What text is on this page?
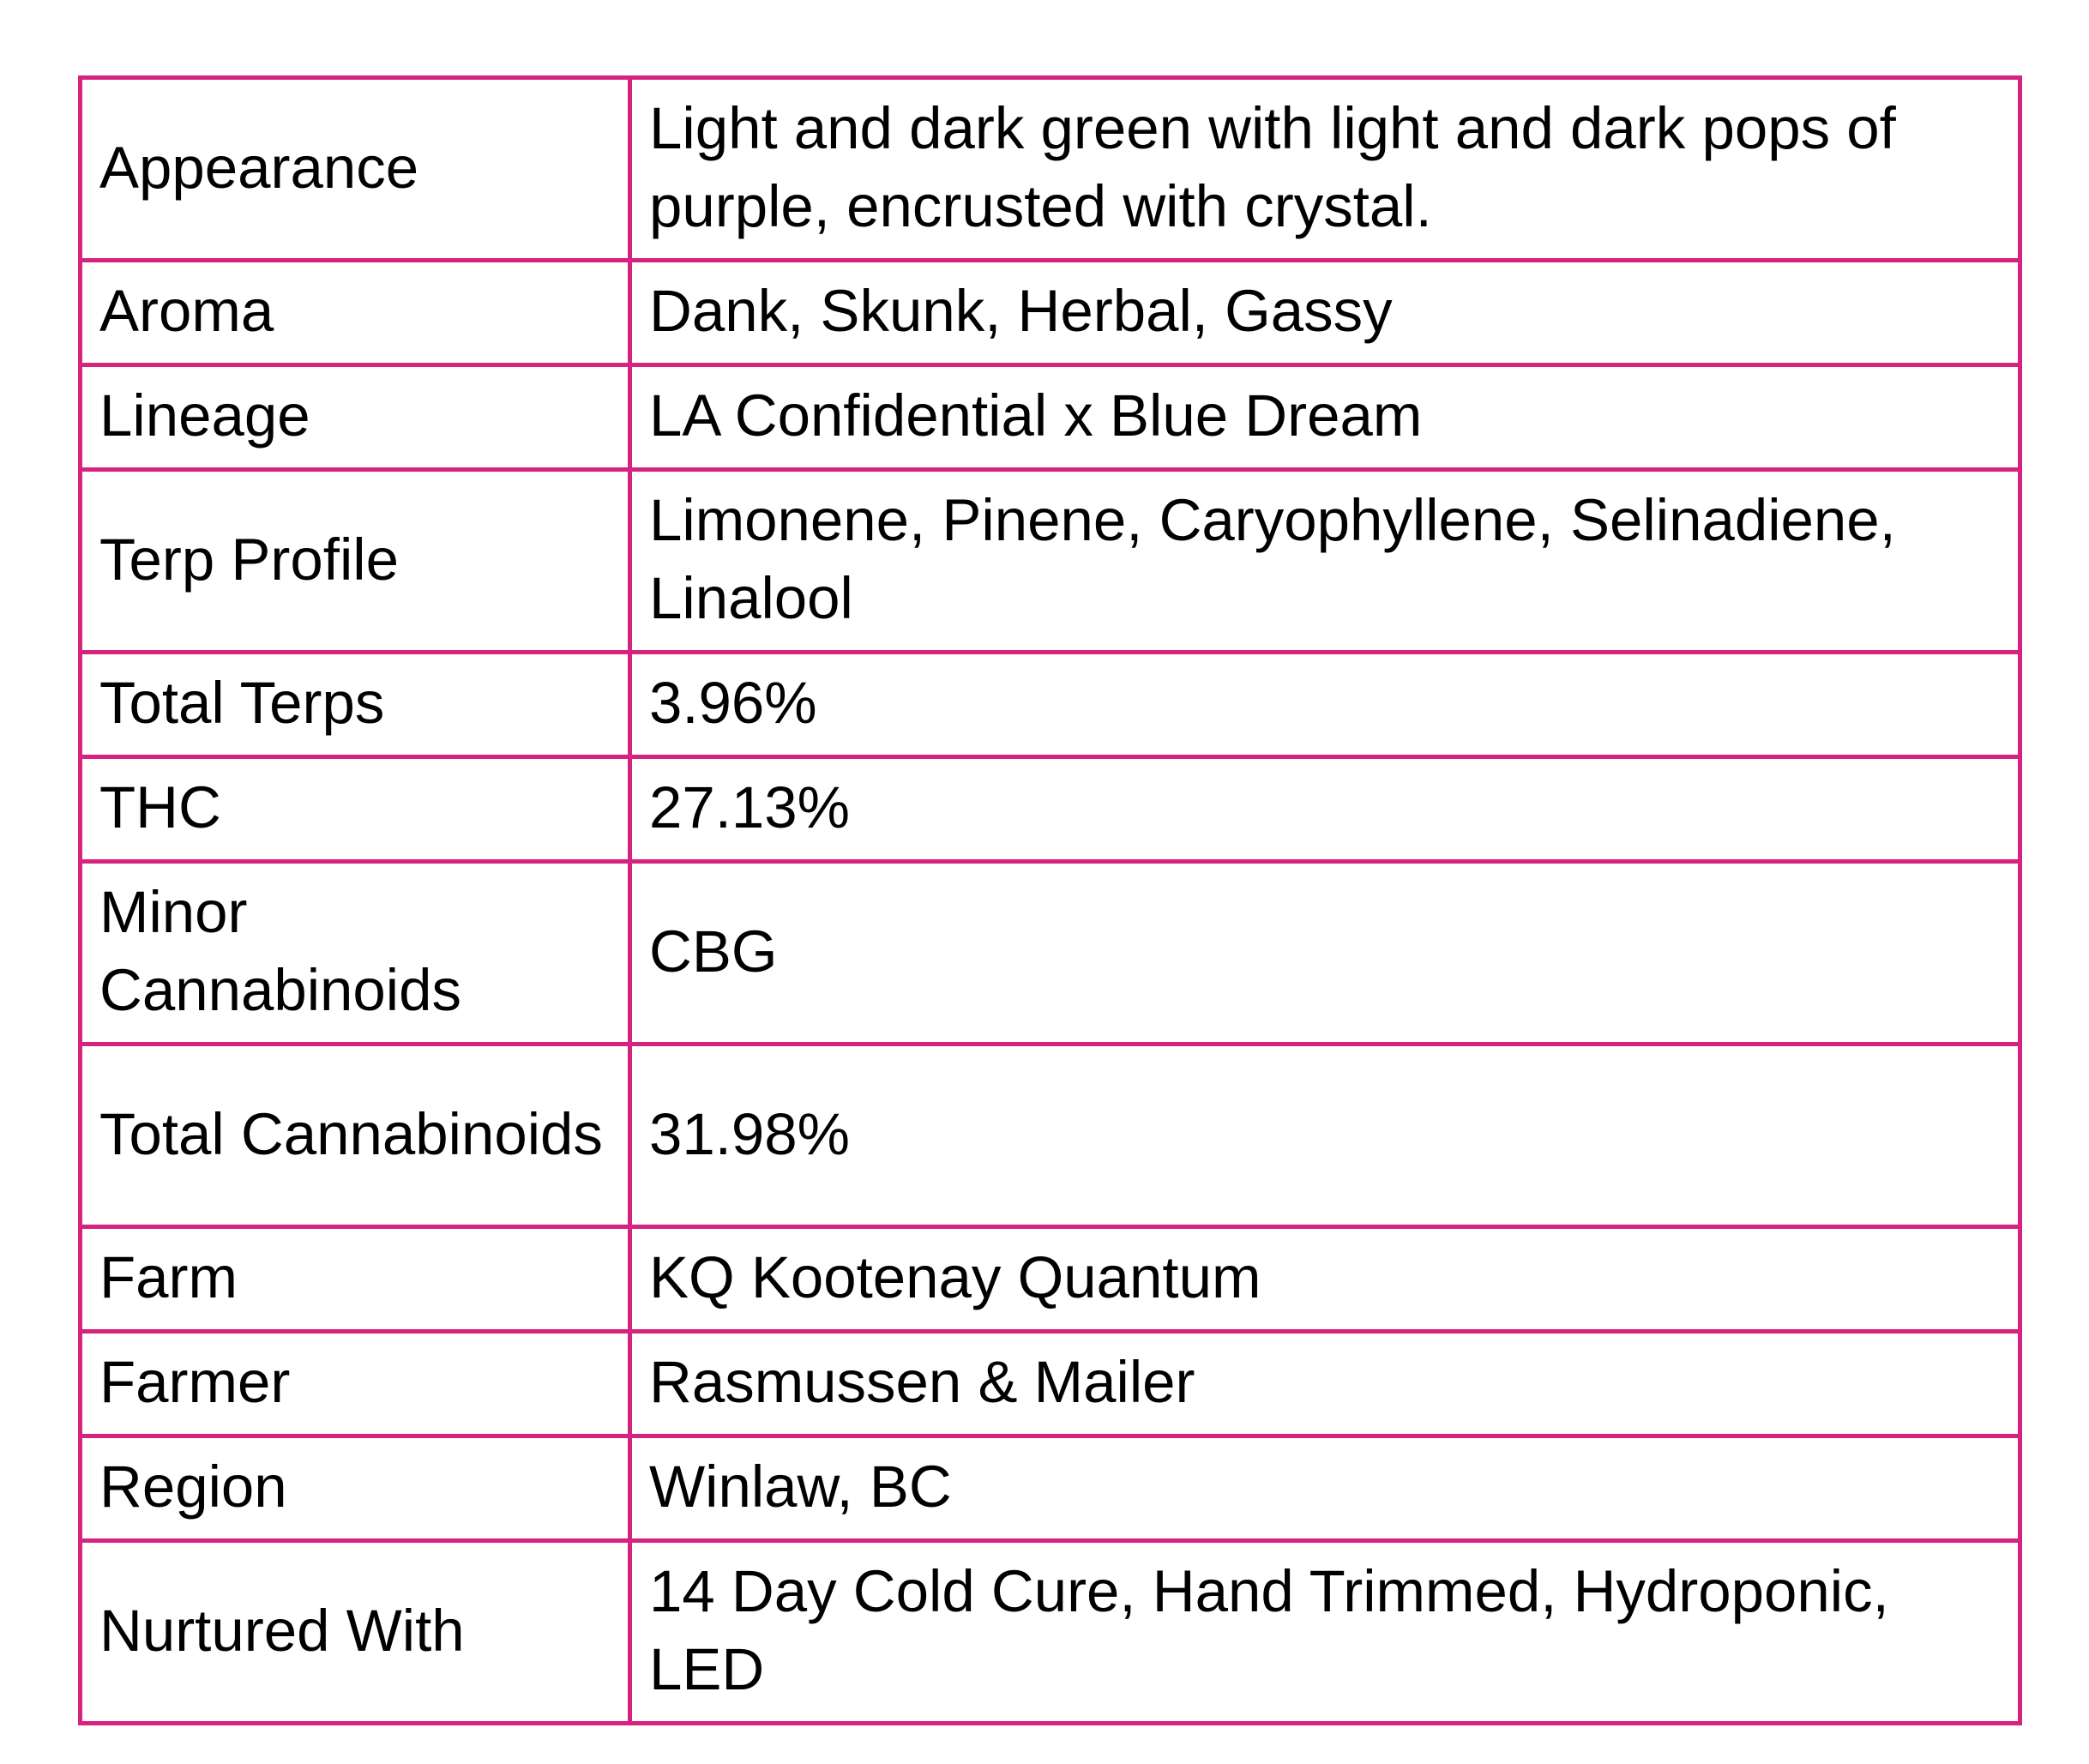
Appearance	Light and dark green with light and dark pops of purple, encrusted with crystal.
Aroma	Dank, Skunk, Herbal, Gassy
Lineage	LA Confidential x Blue Dream
Terp Profile	Limonene, Pinene, Caryophyllene, Selinadiene, Linalool
Total Terps	3.96%
THC	27.13%
Minor Cannabinoids	CBG
Total Cannabinoids	31.98%
Farm	KQ Kootenay Quantum
Farmer	Rasmussen & Mailer
Region	Winlaw, BC
Nurtured With	14 Day Cold Cure, Hand Trimmed, Hydroponic, LED
